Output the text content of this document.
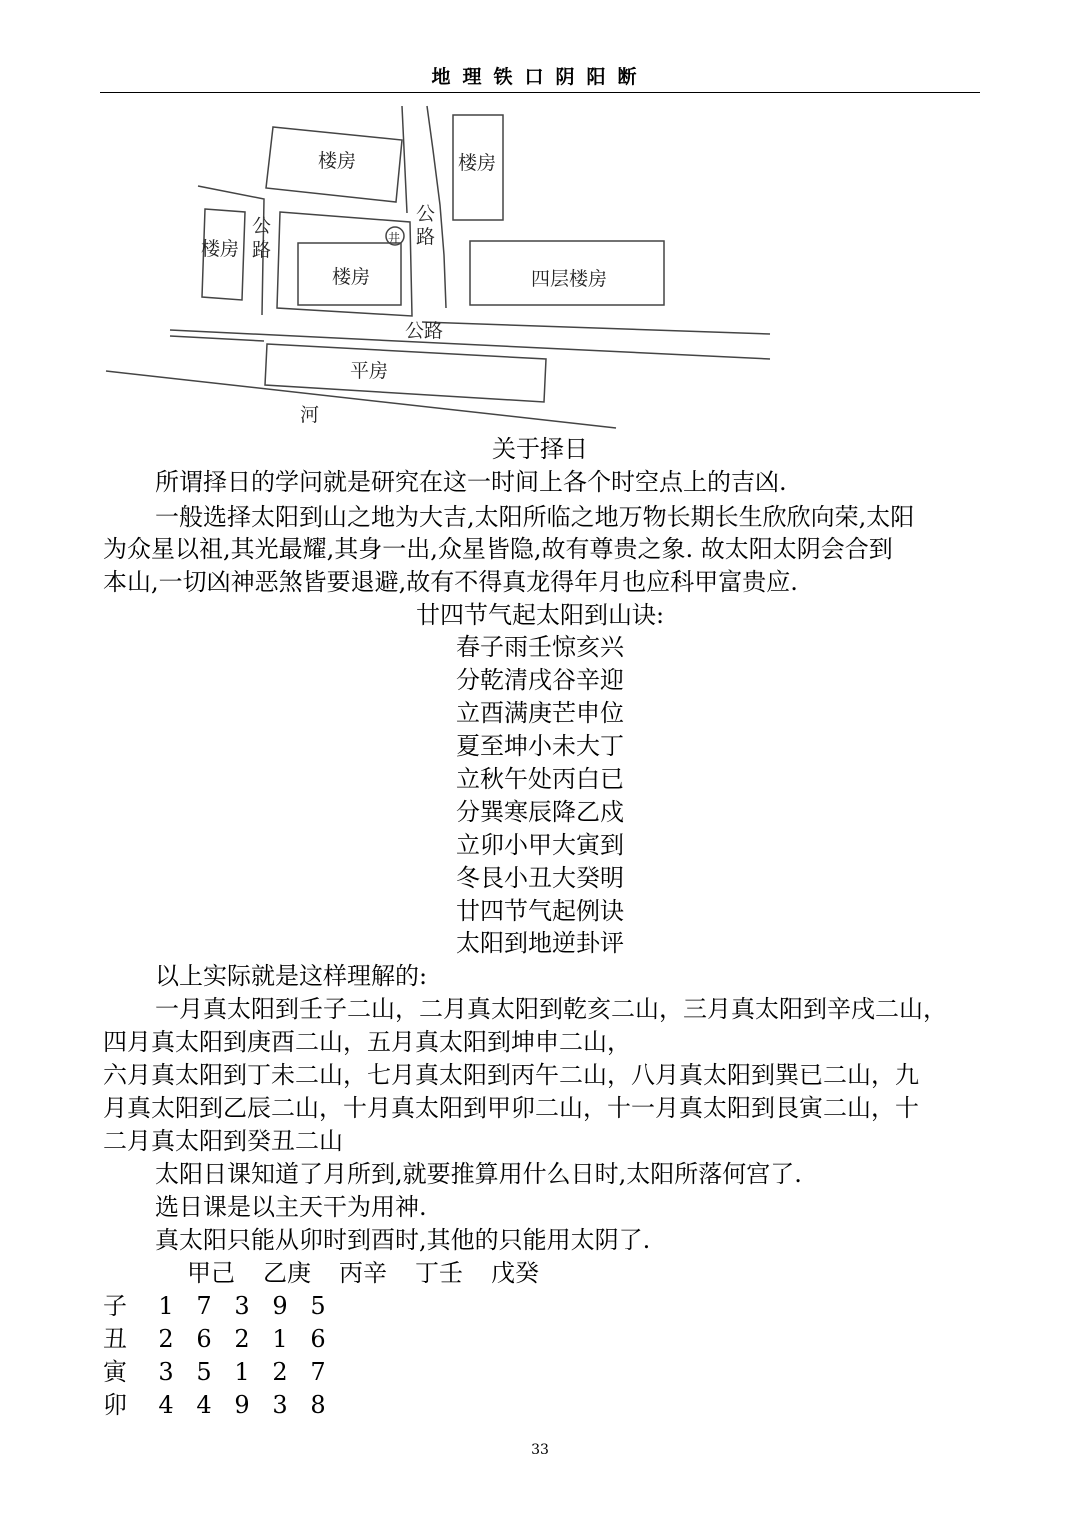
地理铁口阴阳断
楼房	楼房
楼房
楼房	四层楼房
平房
公
路
公
路
公路
井
河
关于择日
所谓择日的学问就是研究在这一时间上各个时空点上的吉凶.
一般选择太阳到山之地为大吉,太阳所临之地万物长期长生欣欣向荣,太阳
为众星以祖,其光最耀,其身一出,众星皆隐,故有尊贵之象. 故太阳太阴会合到
本山,一切凶神恶煞皆要退避,故有不得真龙得年月也应科甲富贵应.
廿四节气起太阳到山诀:
春子雨壬惊亥兴
分乾清戌谷辛迎
立酉满庚芒申位
夏至坤小未大丁
立秋午处丙白已
分巽寒辰降乙戍
立卯小甲大寅到
冬艮小丑大癸明
廿四节气起例诀
太阳到地逆卦评
以上实际就是这样理解的:
一月真太阳到壬子二山，二月真太阳到乾亥二山，三月真太阳到辛戌二山，
四月真太阳到庚酉二山，五月真太阳到坤申二山，
六月真太阳到丁未二山，七月真太阳到丙午二山，八月真太阳到巽已二山，九
月真太阳到乙辰二山，十月真太阳到甲卯二山，十一月真太阳到艮寅二山，十
二月真太阳到癸丑二山
太阳日课知道了月所到,就要推算用什么日时,太阳所落何宫了.
选日课是以主天干为用神.
真太阳只能从卯时到酉时,其他的只能用太阴了.
甲己	乙庚	丙辛	丁壬	戊癸
子	1 7 3 9 5
丑	2 6 2 1 6
寅	3 5 1 2 7
卯	4 4 9 3 8
33
